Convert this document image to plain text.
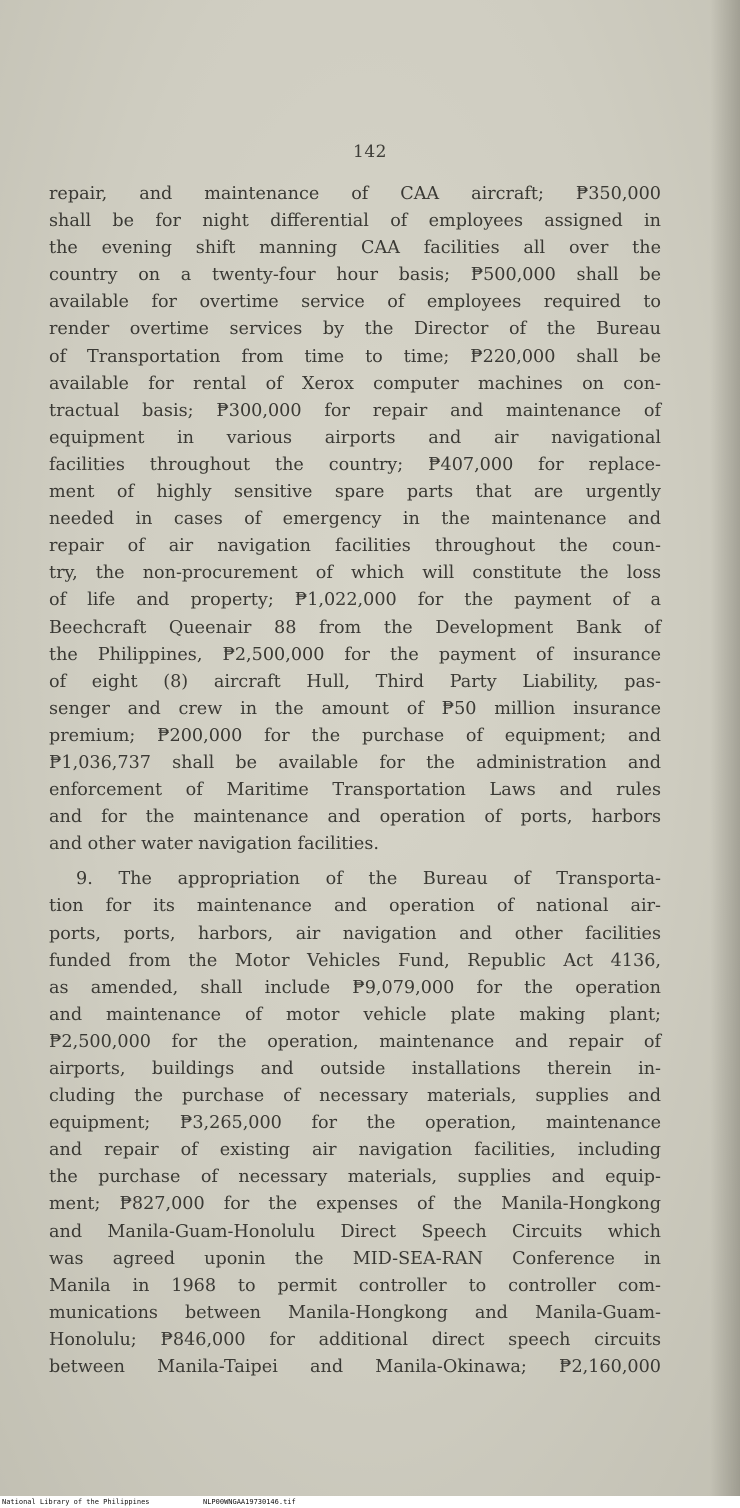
142
repair, and maintenance of CAA aircraft; ₱350,000
shall be for night differential of employees assigned in
the evening shift manning CAA facilities all over the
country on a twenty-four hour basis; ₱500,000 shall be
available for overtime service of employees required to
render overtime services by the Director of the Bureau
of Transportation from time to time; ₱220,000 shall be
available for rental of Xerox computer machines on con-
tractual basis; ₱300,000 for repair and maintenance of
equipment in various airports and air navigational
facilities throughout the country; ₱407,000 for replace-
ment of highly sensitive spare parts that are urgently
needed in cases of emergency in the maintenance and
repair of air navigation facilities throughout the coun-
try, the non-procurement of which will constitute the loss
of life and property; ₱1,022,000 for the payment of a
Beechcraft Queenair 88 from the Development Bank of
the Philippines, ₱2,500,000 for the payment of insurance
of eight (8) aircraft Hull, Third Party Liability, pas-
senger and crew in the amount of ₱50 million insurance
premium; ₱200,000 for the purchase of equipment; and
₱1,036,737 shall be available for the administration and
enforcement of Maritime Transportation Laws and rules
and for the maintenance and operation of ports, harbors
and other water navigation facilities.
9. The appropriation of the Bureau of Transporta-
tion for its maintenance and operation of national air-
ports, ports, harbors, air navigation and other facilities
funded from the Motor Vehicles Fund, Republic Act 4136,
as amended, shall include ₱9,079,000 for the operation
and maintenance of motor vehicle plate making plant;
₱2,500,000 for the operation, maintenance and repair of
airports, buildings and outside installations therein in-
cluding the purchase of necessary materials, supplies and
equipment; ₱3,265,000 for the operation, maintenance
and repair of existing air navigation facilities, including
the purchase of necessary materials, supplies and equip-
ment; ₱827,000 for the expenses of the Manila-Hongkong
and Manila-Guam-Honolulu Direct Speech Circuits which
was agreed uponin the MID-SEA-RAN Conference in
Manila in 1968 to permit controller to controller com-
munications between Manila-Hongkong and Manila-Guam-
Honolulu; ₱846,000 for additional direct speech circuits
between Manila-Taipei and Manila-Okinawa; ₱2,160,000
National Library of the Philippines	NLP00WNGAA19730146.tif
